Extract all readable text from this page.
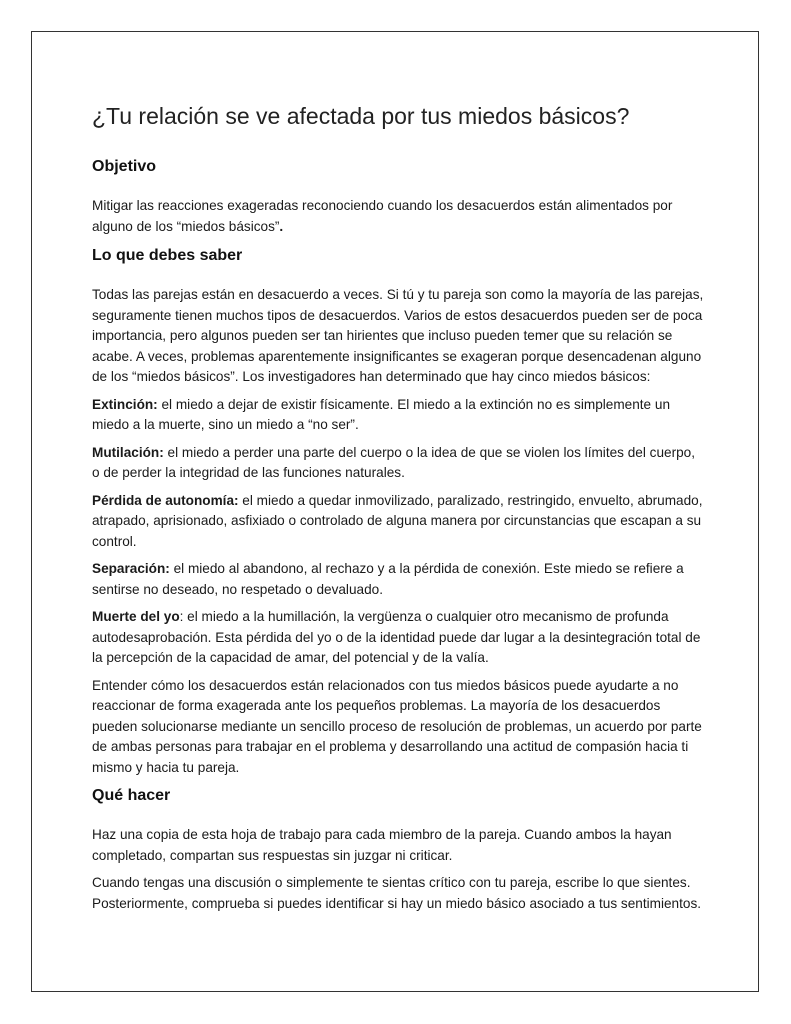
¿Tu relación se ve afectada por tus miedos básicos?
Objetivo

Mitigar las reacciones exageradas reconociendo cuando los desacuerdos están alimentados por alguno de los “miedos básicos”.

Lo que debes saber

Todas las parejas están en desacuerdo a veces. Si tú y tu pareja son como la mayoría de las parejas, seguramente tienen muchos tipos de desacuerdos. Varios de estos desacuerdos pueden ser de poca importancia, pero algunos pueden ser tan hirientes que incluso pueden temer que su relación se acabe. A veces, problemas aparentemente insignificantes se exageran porque desencadenan alguno de los “miedos básicos”. Los investigadores han determinado que hay cinco miedos básicos:

Extinción: el miedo a dejar de existir físicamente. El miedo a la extinción no es simplemente un miedo a la muerte, sino un miedo a “no ser”.

Mutilación: el miedo a perder una parte del cuerpo o la idea de que se violen los límites del cuerpo, o de perder la integridad de las funciones naturales.

Pérdida de autonomía: el miedo a quedar inmovilizado, paralizado, restringido, envuelto, abrumado, atrapado, aprisionado, asfixiado o controlado de alguna manera por circunstancias que escapan a su control.

Separación: el miedo al abandono, al rechazo y a la pérdida de conexión. Este miedo se refiere a sentirse no deseado, no respetado o devaluado.

Muerte del yo: el miedo a la humillación, la vergüenza o cualquier otro mecanismo de profunda autodesaprobación. Esta pérdida del yo o de la identidad puede dar lugar a la desintegración total de la percepción de la capacidad de amar, del potencial y de la valía.

Entender cómo los desacuerdos están relacionados con tus miedos básicos puede ayudarte a no reaccionar de forma exagerada ante los pequeños problemas. La mayoría de los desacuerdos pueden solucionarse mediante un sencillo proceso de resolución de problemas, un acuerdo por parte de ambas personas para trabajar en el problema y desarrollando una actitud de compasión hacia ti mismo y hacia tu pareja.

Qué hacer

Haz una copia de esta hoja de trabajo para cada miembro de la pareja. Cuando ambos la hayan completado, compartan sus respuestas sin juzgar ni criticar.

Cuando tengas una discusión o simplemente te sientas crítico con tu pareja, escribe lo que sientes. Posteriormente, comprueba si puedes identificar si hay un miedo básico asociado a tus sentimientos.
